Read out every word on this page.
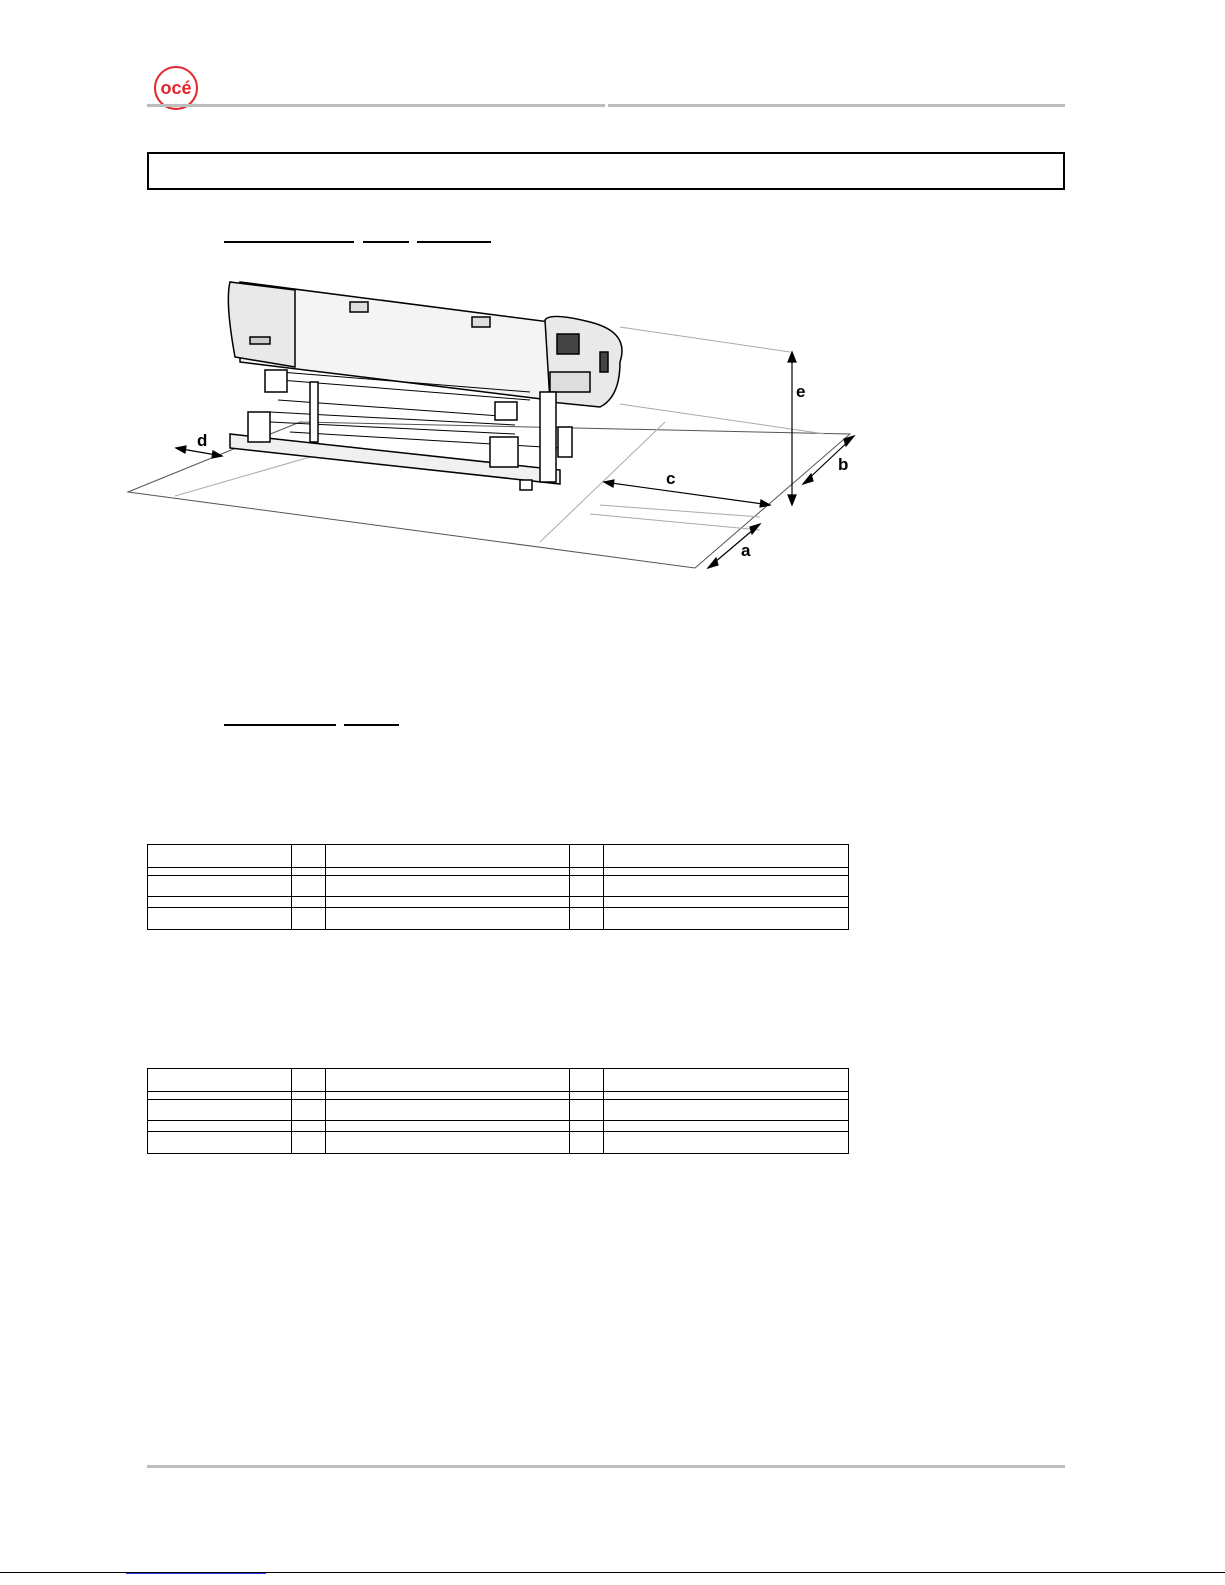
océ
a
b
c
d
e
